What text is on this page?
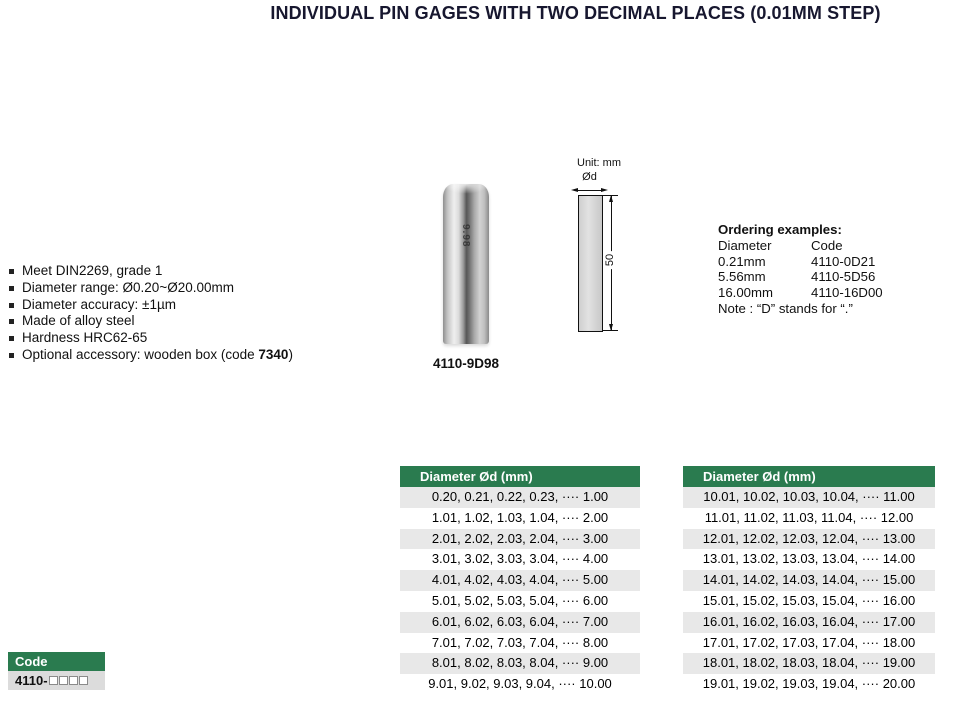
INDIVIDUAL PIN GAGES WITH TWO DECIMAL PLACES (0.01MM STEP)
Meet DIN2269, grade 1
Diameter range: Ø0.20~Ø20.00mm
Diameter accuracy: ±1µm
Made of alloy steel
Hardness HRC62-65
Optional accessory: wooden box (code 7340)
9.98
4110-9D98
Unit: mm
Ød
50
Ordering examples:
Diameter	Code
0.21mm	4110-0D21
5.56mm	4110-5D56
16.00mm	4110-16D00
Note : “D” stands for “.”
Code
4110-
Diameter Ød (mm)
0.20, 0.21, 0.22, 0.23, ···· 1.00
1.01, 1.02, 1.03, 1.04, ···· 2.00
2.01, 2.02, 2.03, 2.04, ···· 3.00
3.01, 3.02, 3.03, 3.04, ···· 4.00
4.01, 4.02, 4.03, 4.04, ···· 5.00
5.01, 5.02, 5.03, 5.04, ···· 6.00
6.01, 6.02, 6.03, 6.04, ···· 7.00
7.01, 7.02, 7.03, 7.04, ···· 8.00
8.01, 8.02, 8.03, 8.04, ···· 9.00
9.01, 9.02, 9.03, 9.04, ···· 10.00
Diameter Ød (mm)
10.01, 10.02, 10.03, 10.04, ···· 11.00
11.01, 11.02, 11.03, 11.04, ···· 12.00
12.01, 12.02, 12.03, 12.04, ···· 13.00
13.01, 13.02, 13.03, 13.04, ···· 14.00
14.01, 14.02, 14.03, 14.04, ···· 15.00
15.01, 15.02, 15.03, 15.04, ···· 16.00
16.01, 16.02, 16.03, 16.04, ···· 17.00
17.01, 17.02, 17.03, 17.04, ···· 18.00
18.01, 18.02, 18.03, 18.04, ···· 19.00
19.01, 19.02, 19.03, 19.04, ···· 20.00
